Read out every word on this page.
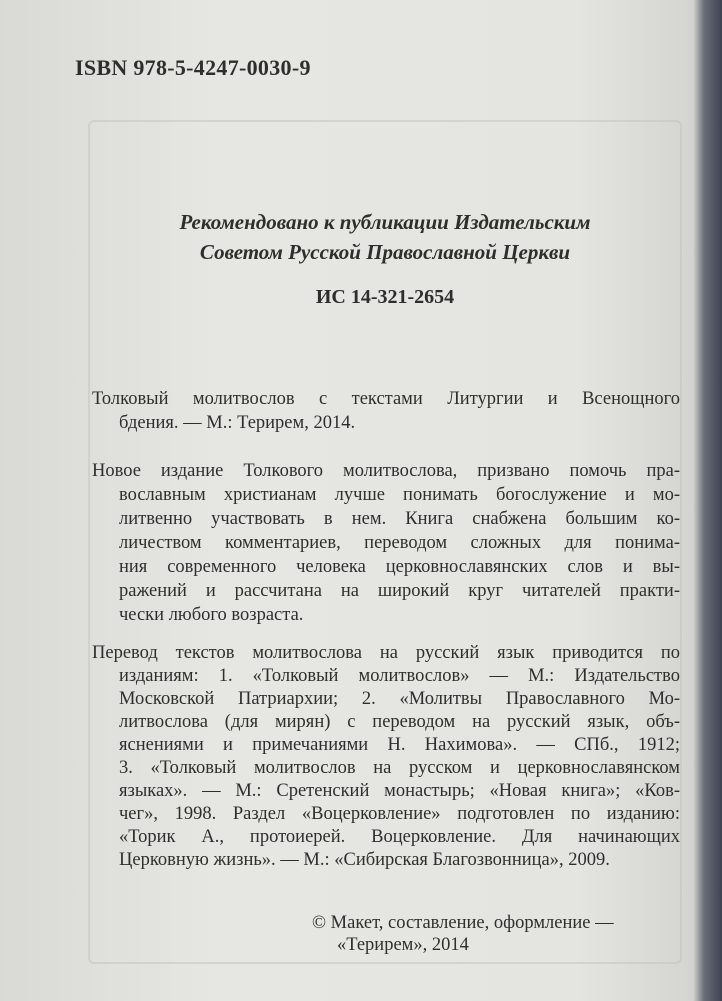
ISBN 978-5-4247-0030-9
Рекомендовано к публикации Издательским
Советом Русской Православной Церкви
ИС 14-321-2654
Толковый молитвослов с текстами Литургии и Всенощного
бдения. — М.: Терирем, 2014.
Новое издание Толкового молитвослова, призвано помочь пра-
вославным христианам лучше понимать богослужение и мо-
литвенно участвовать в нем. Книга снабжена большим ко-
личеством комментариев, переводом сложных для понима-
ния современного человека церковнославянских слов и вы-
ражений и рассчитана на широкий круг читателей практи-
чески любого возраста.
Перевод текстов молитвослова на русский язык приводится по
изданиям: 1. «Толковый молитвослов» — М.: Издательство
Московской Патриархии; 2. «Молитвы Православного Мо-
литвослова (для мирян) с переводом на русский язык, объ-
яснениями и примечаниями Н. Нахимова». — СПб., 1912;
3. «Толковый молитвослов на русском и церковнославянском
языках». — М.: Сретенский монастырь; «Новая книга»; «Ков-
чег», 1998. Раздел «Воцерковление» подготовлен по изданию:
«Торик А., протоиерей. Воцерковление. Для начинающих
Церковную жизнь». — М.: «Сибирская Благозвонница», 2009.
© Макет, составление, оформление —
«Терирем», 2014
